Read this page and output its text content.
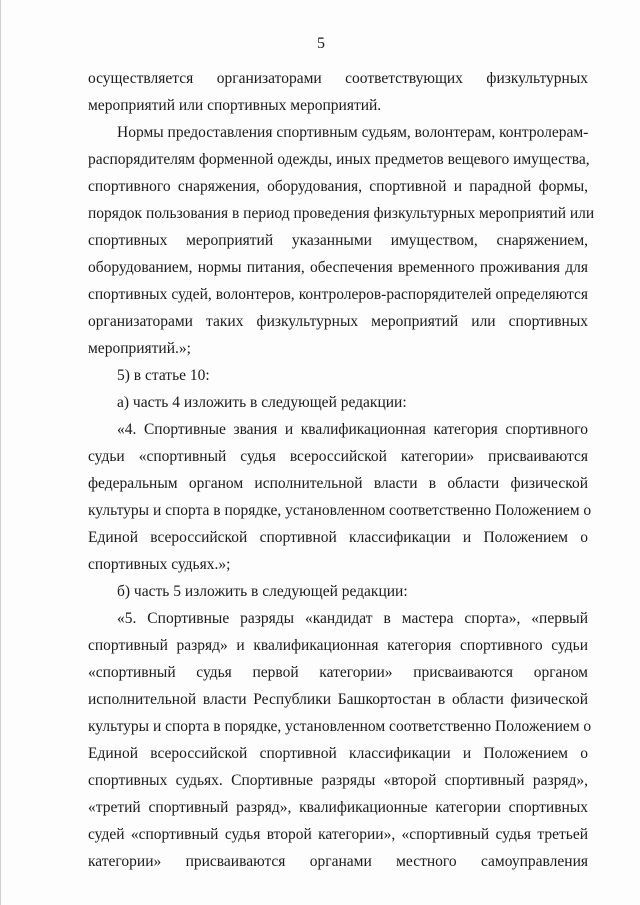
5
осуществляется организаторами соответствующих физкультурных
мероприятий или спортивных мероприятий.
Нормы предоставления спортивным судьям, волонтерам, контролерам-
распорядителям форменной одежды, иных предметов вещевого имущества,
спортивного снаряжения, оборудования, спортивной и парадной формы,
порядок пользования в период проведения физкультурных мероприятий или
спортивных мероприятий указанными имуществом, снаряжением,
оборудованием, нормы питания, обеспечения временного проживания для
спортивных судей, волонтеров, контролеров-распорядителей определяются
организаторами таких физкультурных мероприятий или спортивных
мероприятий.»;
5) в статье 10:
а) часть 4 изложить в следующей редакции:
«4. Спортивные звания и квалификационная категория спортивного
судьи «спортивный судья всероссийской категории» присваиваются
федеральным органом исполнительной власти в области физической
культуры и спорта в порядке, установленном соответственно Положением о
Единой всероссийской спортивной классификации и Положением о
спортивных судьях.»;
б) часть 5 изложить в следующей редакции:
«5. Спортивные разряды «кандидат в мастера спорта», «первый
спортивный разряд» и квалификационная категория спортивного судьи
«спортивный судья первой категории» присваиваются органом
исполнительной власти Республики Башкортостан в области физической
культуры и спорта в порядке, установленном соответственно Положением о
Единой всероссийской спортивной классификации и Положением о
спортивных судьях. Спортивные разряды «второй спортивный разряд»,
«третий спортивный разряд», квалификационные категории спортивных
судей «спортивный судья второй категории», «спортивный судья третьей
категории» присваиваются органами местного самоуправления
